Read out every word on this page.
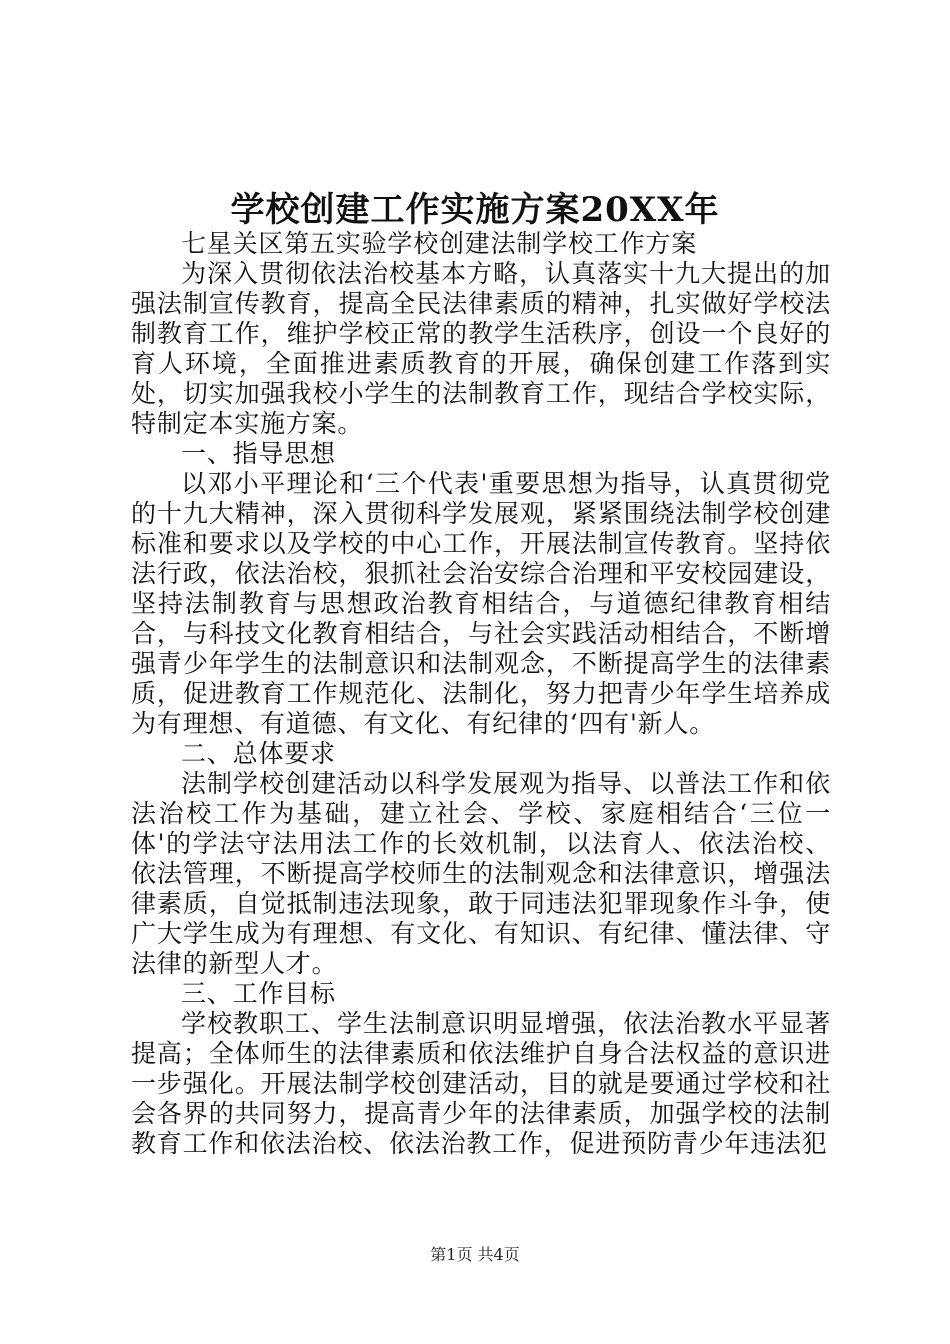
学校创建工作实施方案20XX年

七星关区第五实验学校创建法制学校工作方案

为深入贯彻依法治校基本方略，认真落实十九大提出的加强法制宣传教育，提高全民法律素质的精神，扎实做好学校法制教育工作，维护学校正常的教学生活秩序，创设一个良好的育人环境，全面推进素质教育的开展，确保创建工作落到实处，切实加强我校小学生的法制教育工作，现结合学校实际，特制定本实施方案。

一、指导思想

以邓小平理论和‘三个代表'重要思想为指导，认真贯彻党的十九大精神，深入贯彻科学发展观，紧紧围绕法制学校创建标准和要求以及学校的中心工作，开展法制宣传教育。坚持依法行政，依法治校，狠抓社会治安综合治理和平安校园建设，坚持法制教育与思想政治教育相结合，与道德纪律教育相结合，与科技文化教育相结合，与社会实践活动相结合，不断增强青少年学生的法制意识和法制观念，不断提高学生的法律素质，促进教育工作规范化、法制化，努力把青少年学生培养成为有理想、有道德、有文化、有纪律的‘四有'新人。

二、总体要求

法制学校创建活动以科学发展观为指导、以普法工作和依法治校工作为基础，建立社会、学校、家庭相结合‘三位一体'的学法守法用法工作的长效机制，以法育人、依法治校、依法管理，不断提高学校师生的法制观念和法律意识，增强法律素质，自觉抵制违法现象，敢于同违法犯罪现象作斗争，使广大学生成为有理想、有文化、有知识、有纪律、懂法律、守法律的新型人才。

三、工作目标

学校教职工、学生法制意识明显增强，依法治教水平显著提高；全体师生的法律素质和依法维护自身合法权益的意识进一步强化。开展法制学校创建活动，目的就是要通过学校和社会各界的共同努力，提高青少年的法律素质，加强学校的法制教育工作和依法治校、依法治教工作，促进预防青少年违法犯

第1页 共4页
